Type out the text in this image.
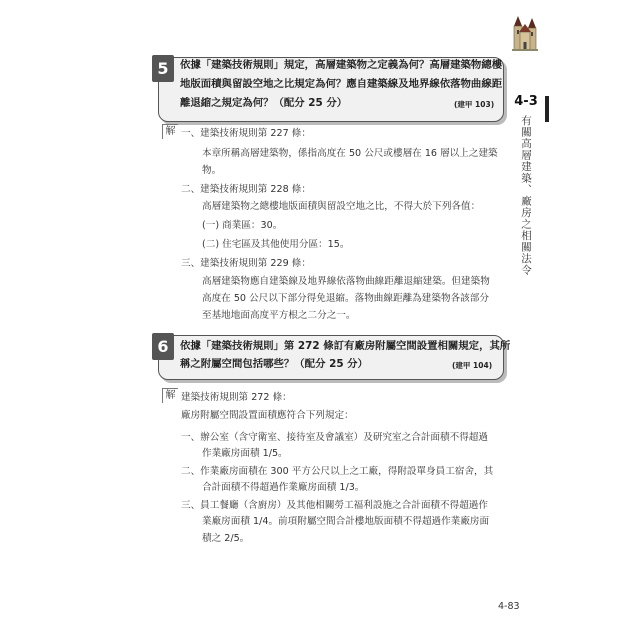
4-3
有關高層建築、廠房之相關法令
5	依據「建築技術規則」規定，高層建築物之定義為何？高層建築物總樓
地版面積與留設空地之比規定為何？應自建築線及地界線依落物曲線距
離退縮之規定為何？（配分 25 分）	(建甲 103)
解 一、建築技術規則第 227 條：
本章所稱高層建築物，係指高度在 50 公尺或樓層在 16 層以上之建築
物。
二、建築技術規則第 228 條：
高層建築物之總樓地版面積與留設空地之比，不得大於下列各值：
(一) 商業區：30。
(二) 住宅區及其他使用分區：15。
三、建築技術規則第 229 條：
高層建築物應自建築線及地界線依落物曲線距離退縮建築。但建築物
高度在 50 公尺以下部分得免退縮。落物曲線距離為建築物各該部分
至基地地面高度平方根之二分之一。
6	依據「建築技術規則」第 272 條訂有廠房附屬空間設置相關規定，其所
稱之附屬空間包括哪些？（配分 25 分）	(建甲 104)
解 建築技術規則第 272 條：
廠房附屬空間設置面積應符合下列規定：
一、辦公室（含守衛室、接待室及會議室）及研究室之合計面積不得超過
作業廠房面積 1/5。
二、作業廠房面積在 300 平方公尺以上之工廠，得附設單身員工宿舍，其
合計面積不得超過作業廠房面積 1/3。
三、員工餐廳（含廚房）及其他相關勞工福利設施之合計面積不得超過作
業廠房面積 1/4。前項附屬空間合計樓地版面積不得超過作業廠房面
積之 2/5。
4-83
